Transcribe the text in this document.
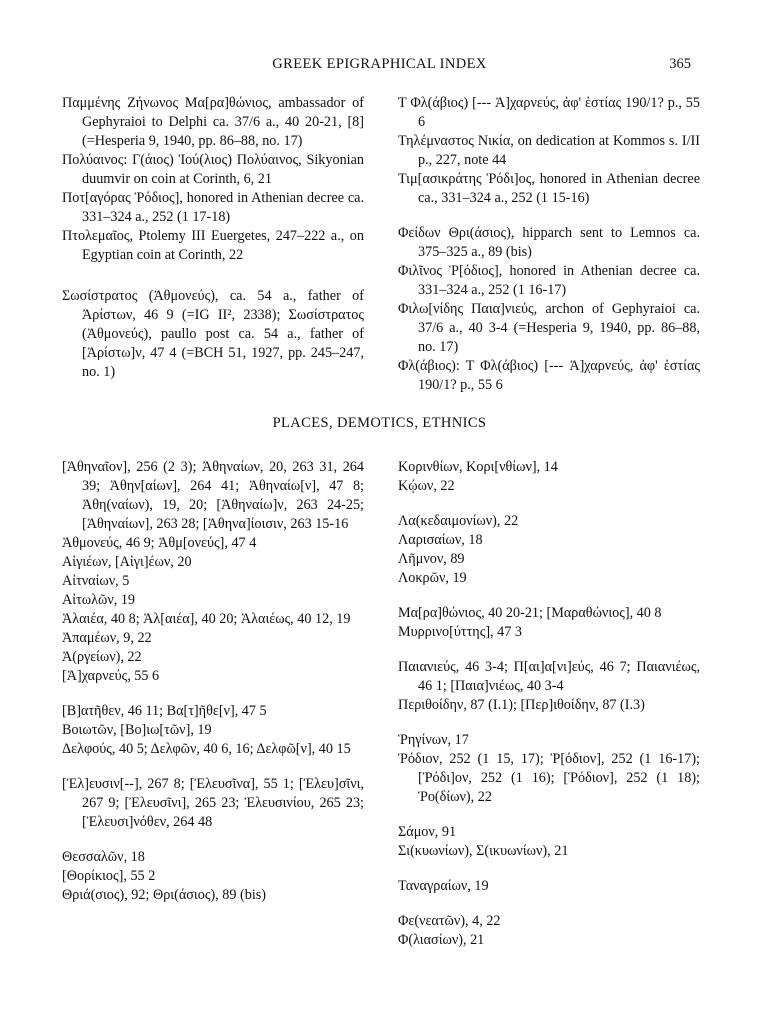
GREEK EPIGRAPHICAL INDEX	365

Παμμένης Ζήνωνος Μα[ρα]θώνιος, ambassador of Gephyraioi to Delphi ca. 37/6 a., 40 20-21, [8] (=Hesperia 9, 1940, pp. 86–88, no. 17)

Πολύαινος: Γ(άιος) Ἰού(λιος) Πολύαινος, Sikyonian duumvir on coin at Corinth, 6, 21

Ποτ[αγόρας Ῥόδιος], honored in Athenian decree ca. 331–324 a., 252 (1 17-18)

Πτολεμαῖος, Ptolemy III Euergetes, 247–222 a., on Egyptian coin at Corinth, 22

Σωσίστρατος (Ἀθμονεύς), ca. 54 a., father of Ἀρίστων, 46 9 (=IG II², 2338); Σωσίστρατος (Ἀθμονεύς), paullo post ca. 54 a., father of [Ἀρίστω]ν, 47 4 (=BCH 51, 1927, pp. 245–247, no. 1)

Τ Φλ(άβιος) [--- Ἀ]χαρνεύς, ἀφ' ἑστίας 190/1? p., 55 6

Τηλέμναστος Νικία, on dedication at Kommos s. I/II p., 227, note 44

Τιμ[ασικράτης Ῥόδι]ος, honored in Athenian decree ca., 331–324 a., 252 (1 15-16)

Φείδων Θρι(άσιος), hipparch sent to Lemnos ca. 375–325 a., 89 (bis)

Φιλῖνος Ῥ[όδιος], honored in Athenian decree ca. 331–324 a., 252 (1 16-17)

Φιλω[νίδης Παια]νιεύς, archon of Gephyraioi ca. 37/6 a., 40 3-4 (=Hesperia 9, 1940, pp. 86–88, no. 17)

Φλ(άβιος): Τ Φλ(άβιος) [--- Ἀ]χαρνεύς, ἀφ' ἑστίας 190/1? p., 55 6

PLACES, DEMOTICS, ETHNICS

[Ἀθηναῖον], 256 (2 3); Ἀθηναίων, 20, 263 31, 264 39; Ἀθην[αίων], 264 41; Ἀθηναίω[ν], 47 8; Ἀθη(ναίων), 19, 20; [Ἀθηναίω]ν, 263 24-25; [Ἀθηναίων], 263 28; [Ἀθηνα]ίοισιν, 263 15-16

Ἀθμονεύς, 46 9; Ἀθμ[ονεύς], 47 4

Αἰγιέων, [Αἰγι]έων, 20

Αἰτναίων, 5

Αἰτωλῶν, 19

Ἁλαιέα, 40 8; Ἁλ[αιέα], 40 20; Ἁλαιέως, 40 12, 19

Ἀπαμέων, 9, 22

Ἀ(ργείων), 22

[Ἀ]χαρνεύς, 55 6

[Β]ατῆθεν, 46 11; Βα[τ]ῆθε[ν], 47 5

Βοιωτῶν, [Βο]ιω[τῶν], 19

Δελφούς, 40 5; Δελφῶν, 40 6, 16; Δελφῶ[ν], 40 15

[Ἐλ]ευσιν[--], 267 8; [Ἐλευσῖνα], 55 1; [Ἐλευ]σῖνι, 267 9; [Ἐλευσῖνι], 265 23; Ἐλευσινίου, 265 23; [Ἐλευσι]νόθεν, 264 48

Θεσσαλῶν, 18

[Θορίκιος], 55 2

Θριά(σιος), 92; Θρι(άσιος), 89 (bis)

Κορινθίων, Κορι[νθίων], 14

Κῴων, 22

Λα(κεδαιμονίων), 22

Λαρισαίων, 18

Λῆμνον, 89

Λοκρῶν, 19

Μα[ρα]θώνιος, 40 20-21; [Μαραθώνιος], 40 8

Μυρρινο[ύττης], 47 3

Παιανιεύς, 46 3-4; Π[αι]α[νι]εύς, 46 7; Παιανιέως, 46 1; [Παια]νιέως, 40 3-4

Περιθοίδην, 87 (I.1); [Περ]ιθοίδην, 87 (I.3)

Ῥηγίνων, 17

Ῥόδιον, 252 (1 15, 17); Ῥ[όδιον], 252 (1 16-17); [Ῥόδι]ον, 252 (1 16); [Ῥόδιον], 252 (1 18); Ῥο(δίων), 22

Σάμον, 91

Σι(κυωνίων), Σ(ικυωνίων), 21

Ταναγραίων, 19

Φε(νεατῶν), 4, 22

Φ(λιασίων), 21
